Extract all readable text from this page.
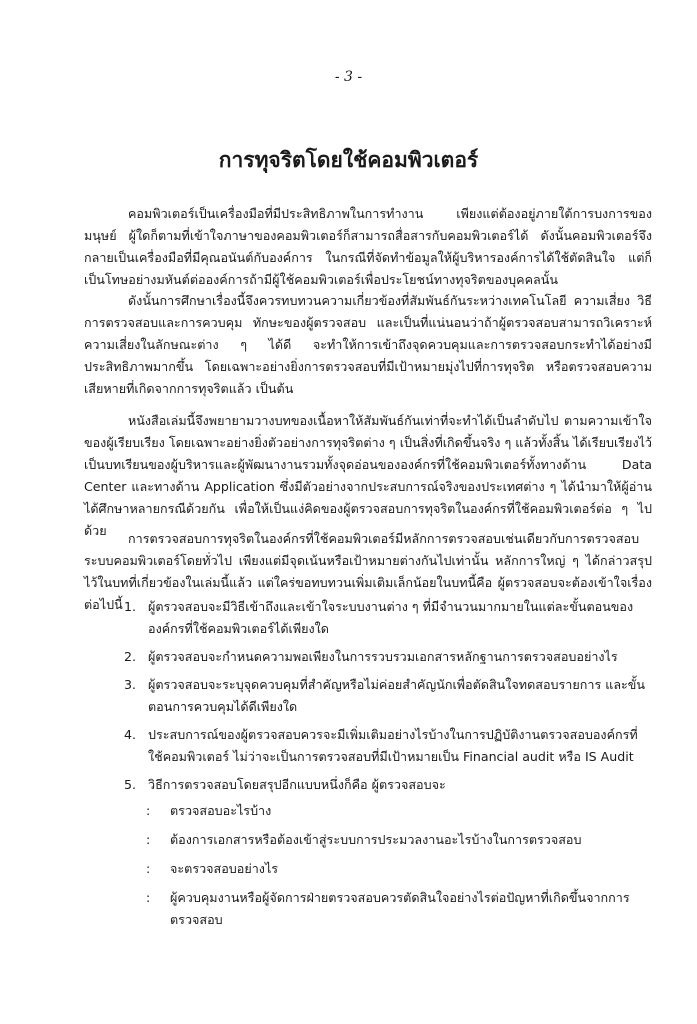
- 3 -
การทุจริตโดยใช้คอมพิวเตอร์

คอมพิวเตอร์เป็นเครื่องมือที่มีประสิทธิภาพในการทำงาน เพียงแต่ต้องอยู่ภายใต้การบงการของมนุษย์ ผู้ใดก็ตามที่เข้าใจภาษาของคอมพิวเตอร์ก็สามารถสื่อสารกับคอมพิวเตอร์ได้ ดังนั้นคอมพิวเตอร์จึงกลายเป็นเครื่องมือที่มีคุณอนันต์กับองค์การ ในกรณีที่จัดทำข้อมูลให้ผู้บริหารองค์การได้ใช้ตัดสินใจ แต่ก็เป็นโทษอย่างมหันต์ต่อองค์การถ้ามีผู้ใช้คอมพิวเตอร์เพื่อประโยชน์ทางทุจริตของบุคคลนั้น

ดังนั้นการศึกษาเรื่องนี้จึงควรทบทวนความเกี่ยวข้องที่สัมพันธ์กันระหว่างเทคโนโลยี ความเสี่ยง วิธีการตรวจสอบและการควบคุม ทักษะของผู้ตรวจสอบ และเป็นที่แน่นอนว่าถ้าผู้ตรวจสอบสามารถวิเคราะห์ความเสี่ยงในลักษณะต่าง ๆ ได้ดี จะทำให้การเข้าถึงจุดควบคุมและการตรวจสอบกระทำได้อย่างมีประสิทธิภาพมากขึ้น โดยเฉพาะอย่างยิ่งการตรวจสอบที่มีเป้าหมายมุ่งไปที่การทุจริต หรือตรวจสอบความเสียหายที่เกิดจากการทุจริตแล้ว เป็นต้น

หนังสือเล่มนี้จึงพยายามวางบทของเนื้อหาให้สัมพันธ์กันเท่าที่จะทำได้เป็นลำดับไป ตามความเข้าใจของผู้เรียบเรียง โดยเฉพาะอย่างยิ่งตัวอย่างการทุจริตต่าง ๆ เป็นสิ่งที่เกิดขึ้นจริง ๆ แล้วทั้งสิ้น ได้เรียบเรียงไว้เป็นบทเรียนของผู้บริหารและผู้พัฒนางานรวมทั้งจุดอ่อนขององค์กรที่ใช้คอมพิวเตอร์ทั้งทางด้าน Data Center และทางด้าน Application ซึ่งมีตัวอย่างจากประสบการณ์จริงของประเทศต่าง ๆ ได้นำมาให้ผู้อ่านได้ศึกษาหลายกรณีด้วยกัน เพื่อให้เป็นแง่คิดของผู้ตรวจสอบการทุจริตในองค์กรที่ใช้คอมพิวเตอร์ต่อ ๆ ไปด้วย

การตรวจสอบการทุจริตในองค์กรที่ใช้คอมพิวเตอร์มีหลักการตรวจสอบเช่นเดียวกับการตรวจสอบระบบคอมพิวเตอร์โดยทั่วไป เพียงแต่มีจุดเน้นหรือเป้าหมายต่างกันไปเท่านั้น หลักการใหญ่ ๆ ได้กล่าวสรุปไว้ในบทที่เกี่ยวข้องในเล่มนี้แล้ว แต่ใคร่ขอทบทวนเพิ่มเติมเล็กน้อยในบทนี้คือ ผู้ตรวจสอบจะต้องเข้าใจเรื่องต่อไปนี้ 1. ผู้ตรวจสอบจะมีวิธีเข้าถึงและเข้าใจระบบงานต่าง ๆ ที่มีจำนวนมากมายในแต่ละขั้นตอนขององค์กรที่ใช้คอมพิวเตอร์ได้เพียงใด
2. ผู้ตรวจสอบจะกำหนดความพอเพียงในการรวบรวมเอกสารหลักฐานการตรวจสอบอย่างไร
3. ผู้ตรวจสอบจะระบุจุดควบคุมที่สำคัญหรือไม่ค่อยสำคัญนักเพื่อตัดสินใจทดสอบรายการ และขั้นตอนการควบคุมได้ดีเพียงใด
4. ประสบการณ์ของผู้ตรวจสอบควรจะมีเพิ่มเติมอย่างไรบ้างในการปฏิบัติงานตรวจสอบองค์กรที่ใช้คอมพิวเตอร์ ไม่ว่าจะเป็นการตรวจสอบที่มีเป้าหมายเป็น Financial audit หรือ IS Audit
5. วิธีการตรวจสอบโดยสรุปอีกแบบหนึ่งก็คือ ผู้ตรวจสอบจะ
:	ตรวจสอบอะไรบ้าง
:	ต้องการเอกสารหรือต้องเข้าสู่ระบบการประมวลงานอะไรบ้างในการตรวจสอบ
:	จะตรวจสอบอย่างไร
:	ผู้ควบคุมงานหรือผู้จัดการฝ่ายตรวจสอบควรตัดสินใจอย่างไรต่อปัญหาที่เกิดขึ้นจากการตรวจสอบ
